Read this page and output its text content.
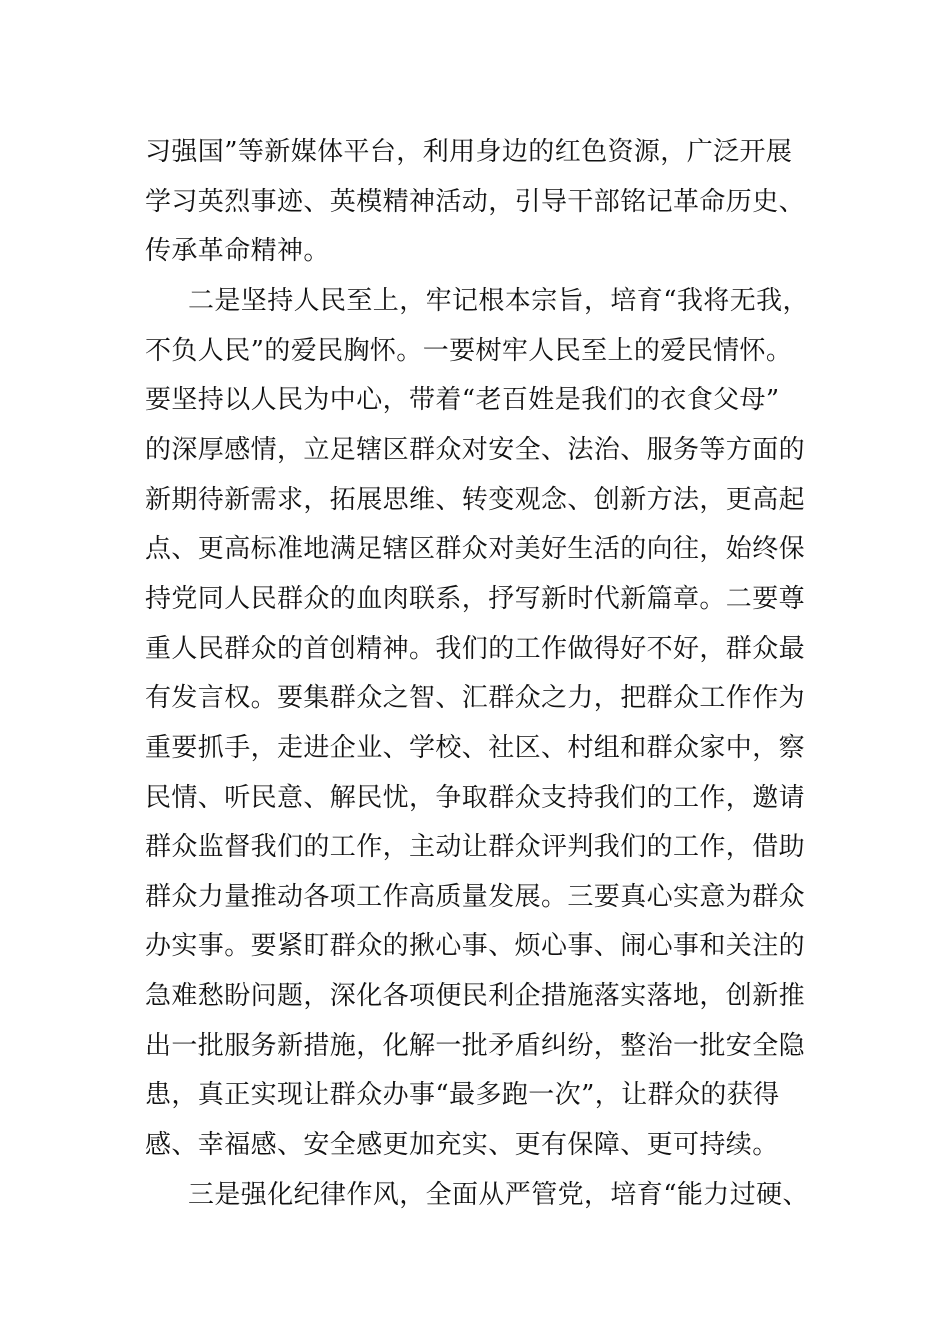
习强国”等新媒体平台，利用身边的红色资源，广泛开展
学习英烈事迹、英模精神活动，引导干部铭记革命历史、
传承革命精神。
二是坚持人民至上，牢记根本宗旨，培育“我将无我，
不负人民”的爱民胸怀。一要树牢人民至上的爱民情怀。
要坚持以人民为中心，带着“老百姓是我们的衣食父母”
的深厚感情，立足辖区群众对安全、法治、服务等方面的
新期待新需求，拓展思维、转变观念、创新方法，更高起
点、更高标准地满足辖区群众对美好生活的向往，始终保
持党同人民群众的血肉联系，抒写新时代新篇章。二要尊
重人民群众的首创精神。我们的工作做得好不好，群众最
有发言权。要集群众之智、汇群众之力，把群众工作作为
重要抓手，走进企业、学校、社区、村组和群众家中，察
民情、听民意、解民忧，争取群众支持我们的工作，邀请
群众监督我们的工作，主动让群众评判我们的工作，借助
群众力量推动各项工作高质量发展。三要真心实意为群众
办实事。要紧盯群众的揪心事、烦心事、闹心事和关注的
急难愁盼问题，深化各项便民利企措施落实落地，创新推
出一批服务新措施，化解一批矛盾纠纷，整治一批安全隐
患，真正实现让群众办事“最多跑一次”，让群众的获得
感、幸福感、安全感更加充实、更有保障、更可持续。
三是强化纪律作风，全面从严管党，培育“能力过硬、
